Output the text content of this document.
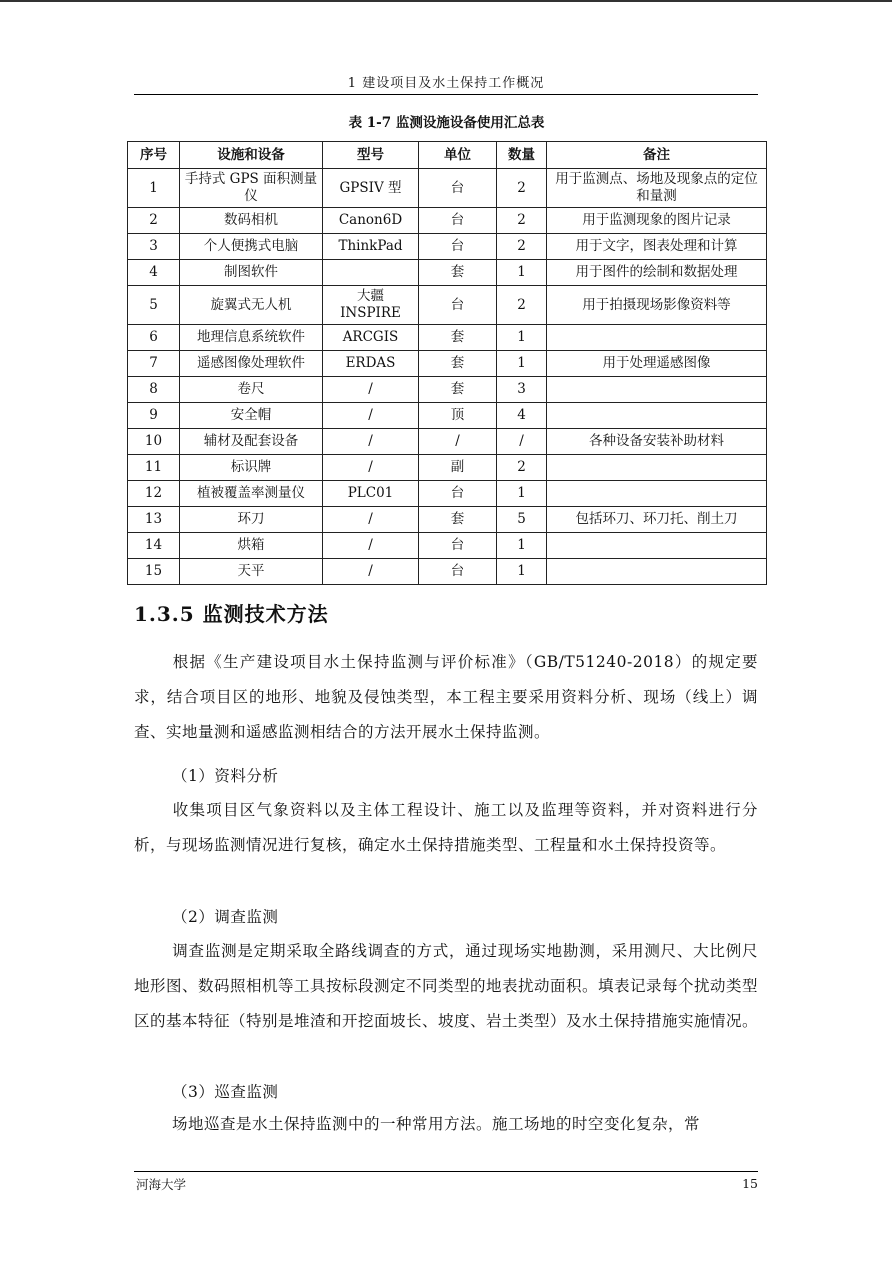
1 建设项目及水土保持工作概况
表 1-7 监测设施设备使用汇总表
序号	设施和设备	型号	单位	数量	备注
1	手持式 GPS 面积测量仪	GPSIV 型	台	2	用于监测点、场地及现象点的定位和量测
2	数码相机	Canon6D	台	2	用于监测现象的图片记录
3	个人便携式电脑	ThinkPad	台	2	用于文字，图表处理和计算
4	制图软件		套	1	用于图件的绘制和数据处理
5	旋翼式无人机	大疆 INSPIRE	台	2	用于拍摄现场影像资料等
6	地理信息系统软件	ARCGIS	套	1	
7	遥感图像处理软件	ERDAS	套	1	用于处理遥感图像
8	卷尺	/	套	3	
9	安全帽	/	顶	4	
10	辅材及配套设备	/	/	/	各种设备安装补助材料
11	标识牌	/	副	2	
12	植被覆盖率测量仪	PLC01	台	1	
13	环刀	/	套	5	包括环刀、环刀托、削土刀
14	烘箱	/	台	1	
15	天平	/	台	1	
1.3.5 监测技术方法
根据《生产建设项目水土保持监测与评价标准》（GB/T51240-2018）的规定要求，结合项目区的地形、地貌及侵蚀类型，本工程主要采用资料分析、现场（线上）调查、实地量测和遥感监测相结合的方法开展水土保持监测。
（1）资料分析
收集项目区气象资料以及主体工程设计、施工以及监理等资料，并对资料进行分析，与现场监测情况进行复核，确定水土保持措施类型、工程量和水土保持投资等。
（2）调查监测
调查监测是定期采取全路线调查的方式，通过现场实地勘测，采用测尺、大比例尺地形图、数码照相机等工具按标段测定不同类型的地表扰动面积。填表记录每个扰动类型区的基本特征（特别是堆渣和开挖面坡长、坡度、岩土类型）及水土保持措施实施情况。
（3）巡查监测
场地巡查是水土保持监测中的一种常用方法。施工场地的时空变化复杂，常
河海大学	15
